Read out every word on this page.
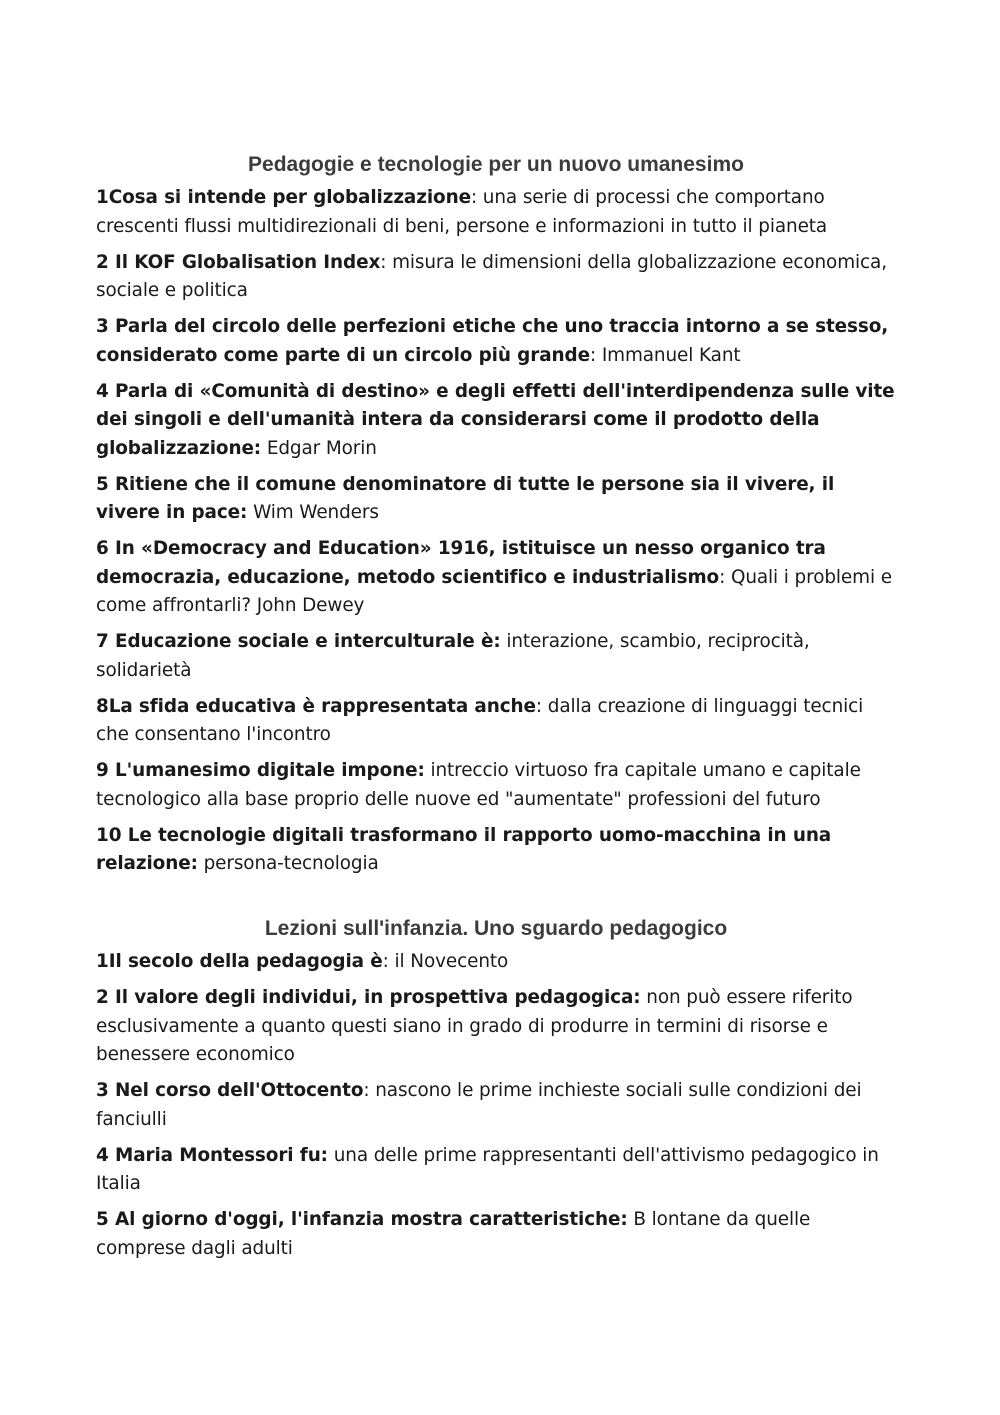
Pedagogie e tecnologie per un nuovo umanesimo

1Cosa si intende per globalizzazione: una serie di processi che comportano crescenti flussi multidirezionali di beni, persone e informazioni in tutto il pianeta

2 Il KOF Globalisation Index: misura le dimensioni della globalizzazione economica, sociale e politica

3 Parla del circolo delle perfezioni etiche che uno traccia intorno a se stesso, considerato come parte di un circolo più grande: Immanuel Kant

4 Parla di «Comunità di destino» e degli effetti dell'interdipendenza sulle vite dei singoli e dell'umanità intera da considerarsi come il prodotto della globalizzazione: Edgar Morin

5 Ritiene che il comune denominatore di tutte le persone sia il vivere, il vivere in pace: Wim Wenders

6 In «Democracy and Education» 1916, istituisce un nesso organico tra democrazia, educazione, metodo scientifico e industrialismo: Quali i problemi e come affrontarli? John Dewey

7 Educazione sociale e interculturale è: interazione, scambio, reciprocità, solidarietà

8La sfida educativa è rappresentata anche: dalla creazione di linguaggi tecnici che consentano l'incontro

9 L'umanesimo digitale impone: intreccio virtuoso fra capitale umano e capitale tecnologico alla base proprio delle nuove ed "aumentate" professioni del futuro

10 Le tecnologie digitali trasformano il rapporto uomo-macchina in una relazione: persona-tecnologia

Lezioni sull'infanzia. Uno sguardo pedagogico

1Il secolo della pedagogia è: il Novecento

2 Il valore degli individui, in prospettiva pedagogica: non può essere riferito esclusivamente a quanto questi siano in grado di produrre in termini di risorse e benessere economico

3 Nel corso dell'Ottocento: nascono le prime inchieste sociali sulle condizioni dei fanciulli

4 Maria Montessori fu: una delle prime rappresentanti dell'attivismo pedagogico in Italia

5 Al giorno d'oggi, l'infanzia mostra caratteristiche: B lontane da quelle comprese dagli adulti
